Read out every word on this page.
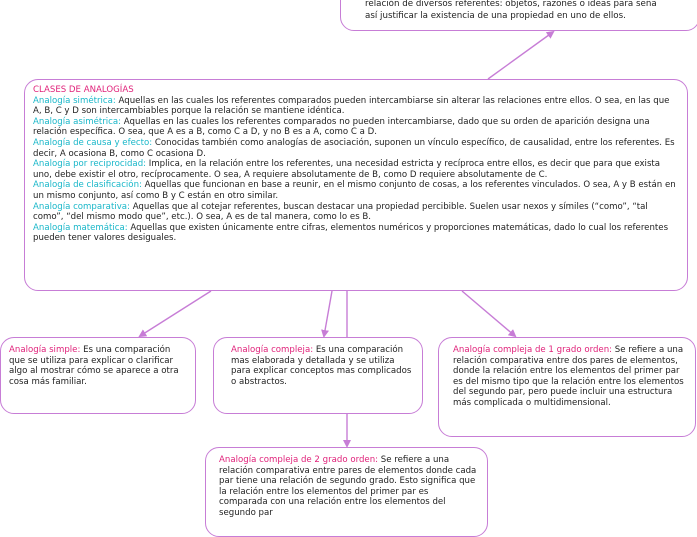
relación de diversos referentes: objetos, razones o ideas para seña

así justificar la existencia de una propiedad en uno de ellos.

CLASES DE ANALOGÍAS

Analogía simétrica: Aquellas en las cuales los referentes comparados pueden intercambiarse sin alterar las relaciones entre ellos. O sea, en las que A, B, C y D son intercambiables porque la relación se mantiene idéntica.

Analogía asimétrica: Aquellas en las cuales los referentes comparados no pueden intercambiarse, dado que su orden de aparición designa una relación específica. O sea, que A es a B, como C a D, y no B es a A, como C a D.

Analogía de causa y efecto: Conocidas también como analogías de asociación, suponen un vínculo específico, de causalidad, entre los referentes. Es decir, A ocasiona B, como C ocasiona D.

Analogía por reciprocidad: Implica, en la relación entre los referentes, una necesidad estricta y recíproca entre ellos, es decir que para que exista uno, debe existir el otro, recíprocamente. O sea, A requiere absolutamente de B, como D requiere absolutamente de C.

Analogía de clasificación: Aquellas que funcionan en base a reunir, en el mismo conjunto de cosas, a los referentes vinculados. O sea, A y B están en un mismo conjunto, así como B y C están en otro similar.

Analogía comparativa: Aquellas que al cotejar referentes, buscan destacar una propiedad percibible. Suelen usar nexos y símiles (“como”, “tal como”, “del mismo modo que”, etc.). O sea, A es de tal manera, como lo es B.

Analogía matemática: Aquellas que existen únicamente entre cifras, elementos numéricos y proporciones matemáticas, dado lo cual los referentes pueden tener valores desiguales.

Analogía simple: Es una comparación que se utiliza para explicar o clarificar algo al mostrar cómo se aparece a otra cosa más familiar.

Analogía compleja: Es una comparación mas elaborada y detallada y se utiliza para explicar conceptos mas complicados o abstractos.

Analogía compleja de 1 grado orden: Se refiere a una relación comparativa entre dos pares de elementos, donde la relación entre los elementos del primer par es del mismo tipo que la relación entre los elementos del segundo par, pero puede incluir una estructura más complicada o multidimensional.

Analogía compleja de 2 grado orden: Se refiere a una relación comparativa entre pares de elementos donde cada par tiene una relación de segundo grado. Esto significa que la relación entre los elementos del primer par es comparada con una relación entre los elementos del segundo par
